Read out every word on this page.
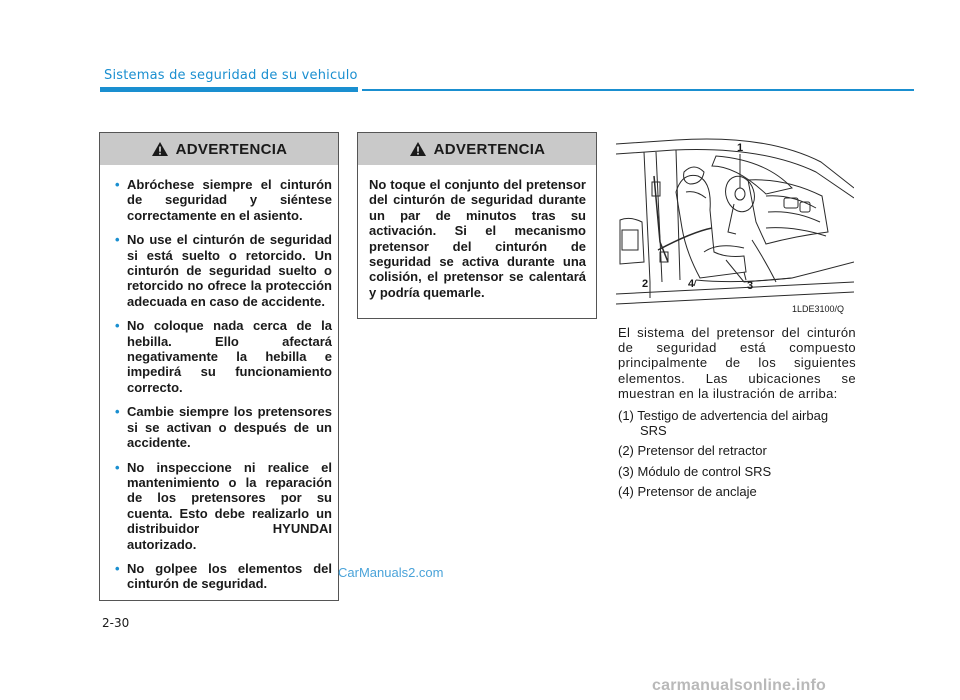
Sistemas de seguridad de su vehiculo
ADVERTENCIA
• Abróchese siempre el cinturón de seguridad y siéntese correctamente en el asiento.
• No use el cinturón de seguridad si está suelto o retorcido. Un cinturón de seguridad suelto o retorcido no ofrece la protección adecuada en caso de accidente.
• No coloque nada cerca de la hebilla. Ello afectará negativamente la hebilla e impedirá su funcionamiento correcto.
• Cambie siempre los pretensores si se activan o después de un accidente.
• No inspeccione ni realice el mantenimiento o la reparación de los pretensores por su cuenta. Esto debe realizarlo un distribuidor HYUNDAI autorizado.
• No golpee los elementos del cinturón de seguridad.
ADVERTENCIA

No toque el conjunto del pretensor del cinturón de seguridad durante un par de minutos tras su activación. Si el mecanismo pretensor del cinturón de seguridad se activa durante una colisión, el pretensor se calentará y podría quemarle.

1
2	4	3
1LDE3100/Q

El sistema del pretensor del cinturón de seguridad está compuesto principalmente de los siguientes elementos. Las ubicaciones se muestran en la ilustración de arriba:

(1) Testigo de advertencia del airbag SRS
(2) Pretensor del retractor
(3) Módulo de control SRS
(4) Pretensor de anclaje
2-30
CarManuals2.com
carmanualsonline.info
